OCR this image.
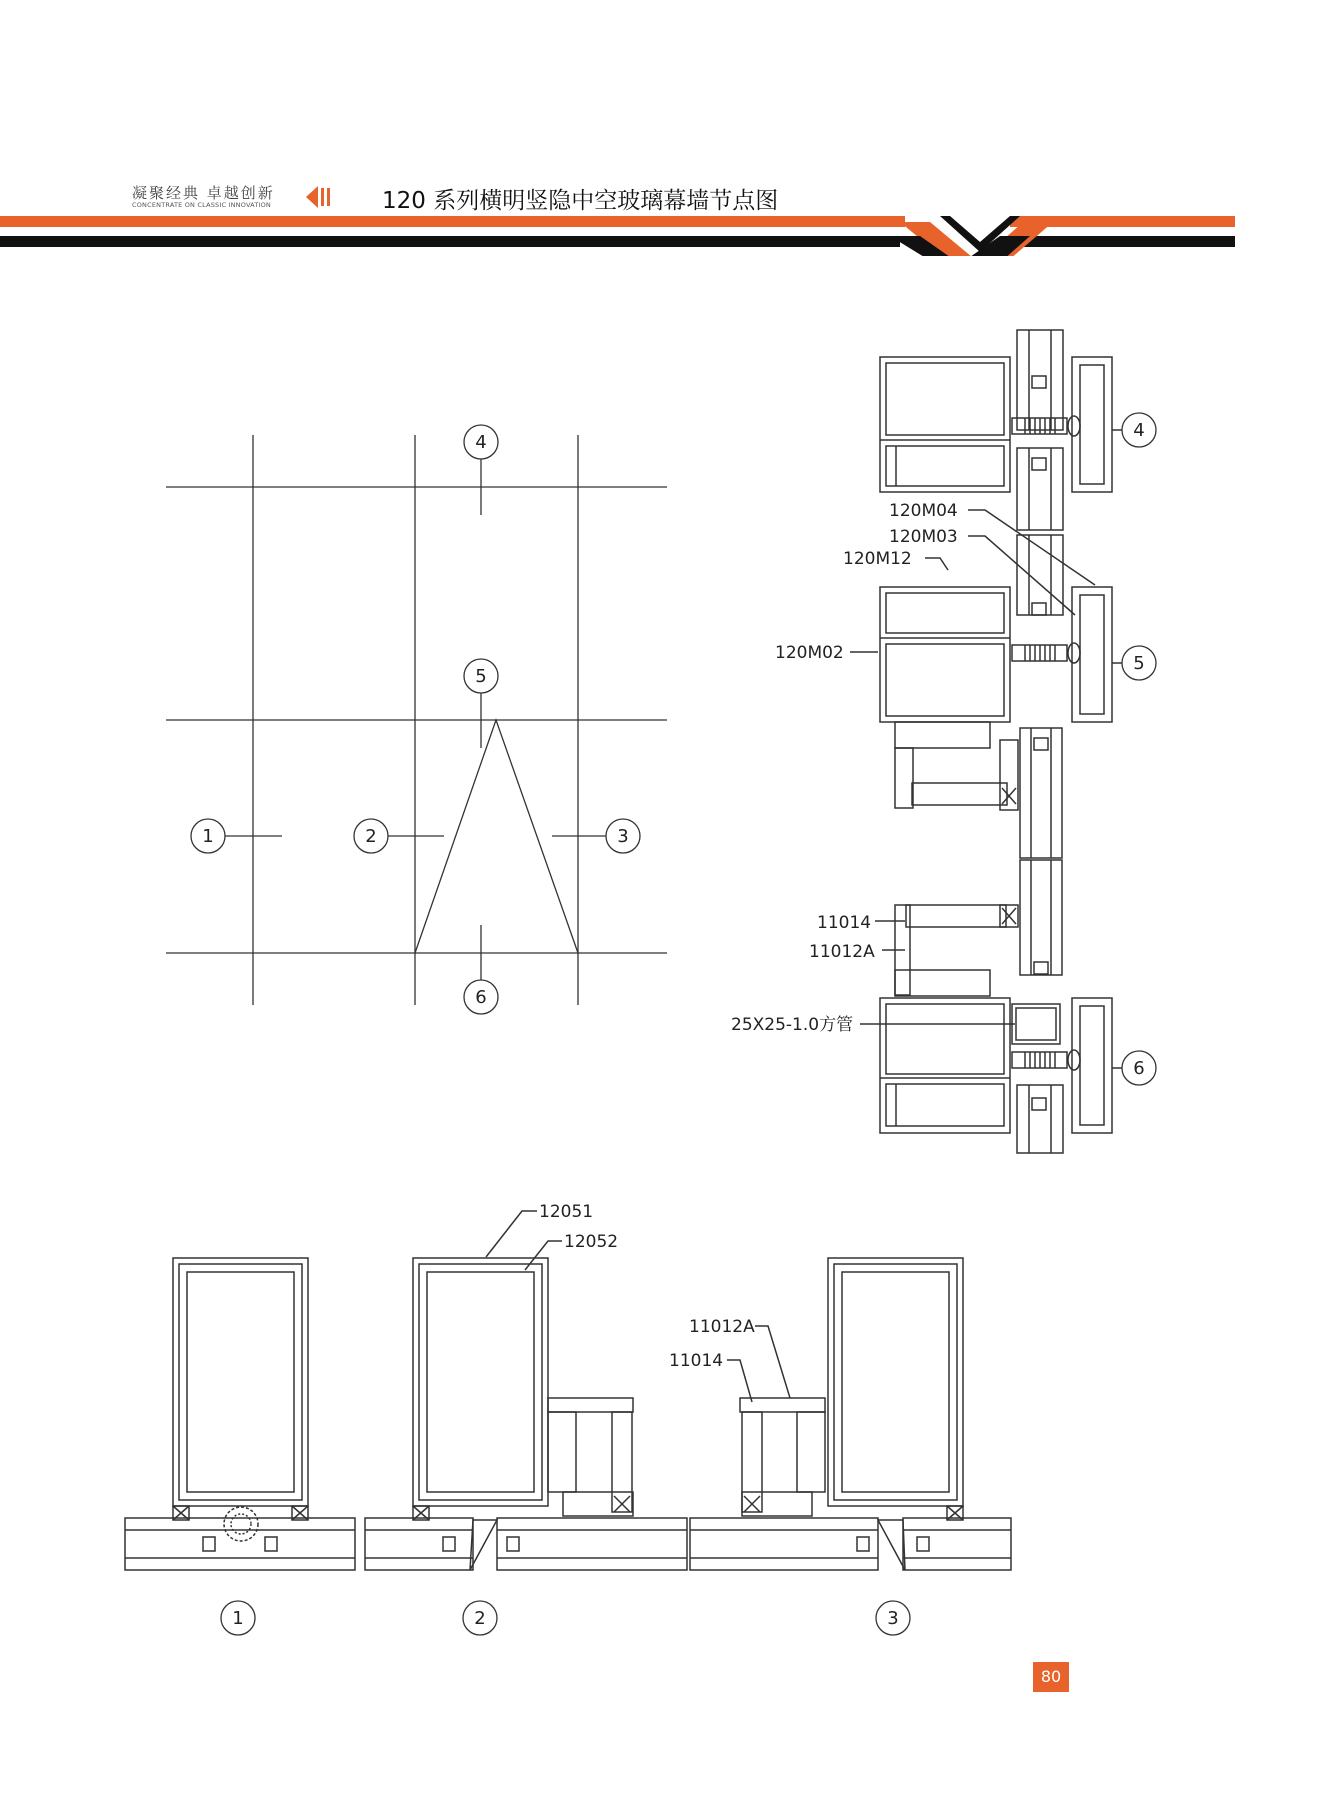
凝聚经典 卓越创新
CONCENTRATE ON CLASSIC INNOVATION	120 系列横明竖隐中空玻璃幕墙节点图
4
5
6
1	2	3
120M04
120M03
120M12
120M02
11014
11012A
25X25-1.0方管
4
5
6
12051
12052
11012A
11014
1	2	3
80
